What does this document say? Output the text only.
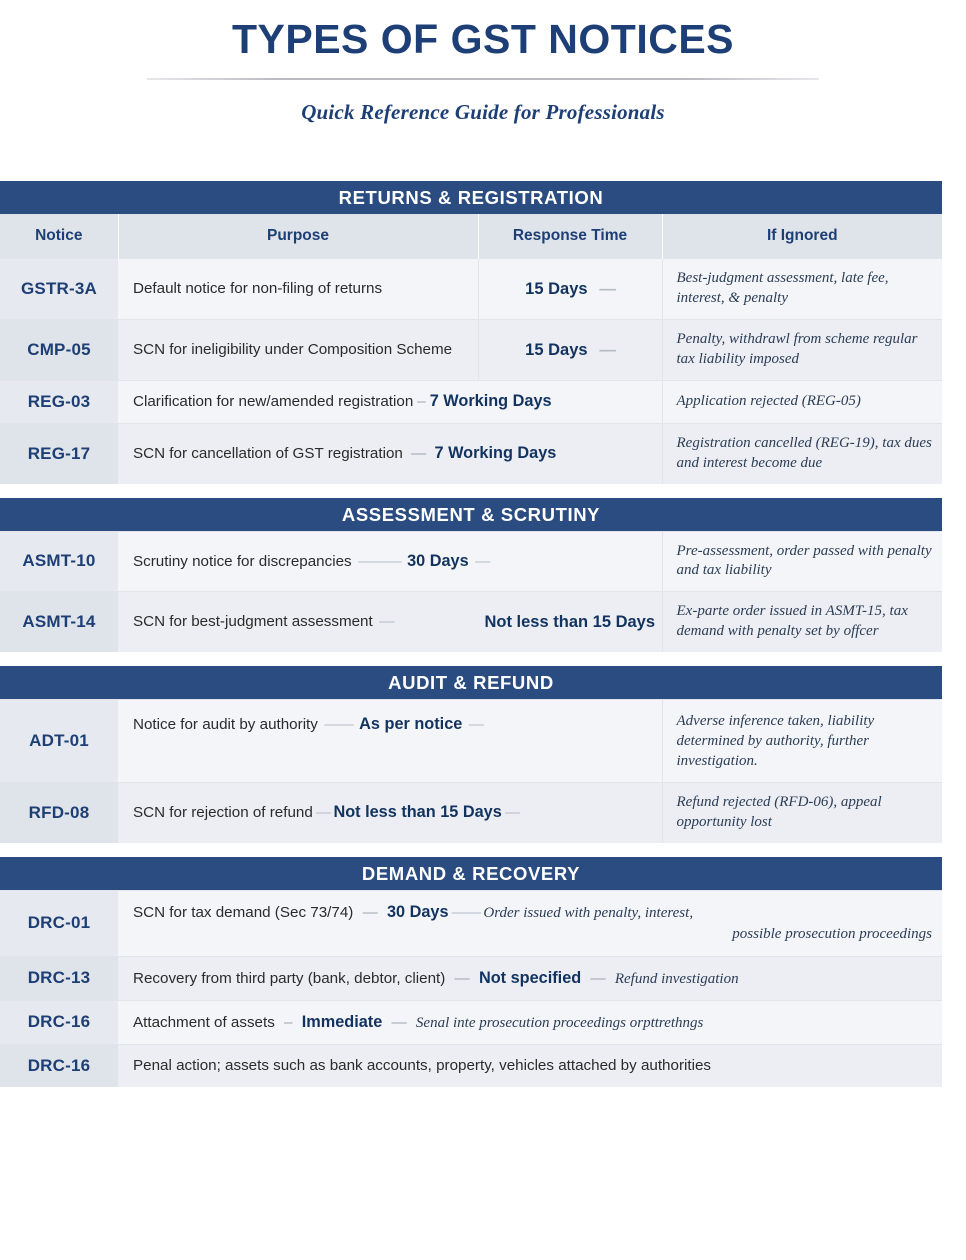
TYPES OF GST NOTICES
Quick Reference Guide for Professionals
RETURNS & REGISTRATION
Notice	Purpose	Response Time	If Ignored
GSTR-3A	Default notice for non-filing of returns	15 Days   —	Best-judgment assessment, late fee, interest, & penalty
CMP-05	SCN for ineligibility under Composition Scheme	15 Days   —	Penalty, withdrawl from scheme regular tax liability imposed
REG-03	Clarification for new/amended registration – 7 Working Days		Application rejected (REG-05)
REG-17	SCN for cancellation of GST registration — 7 Working Days		Registration cancelled (REG-19), tax dues and interest become due
ASSESSMENT & SCRUTINY
ASMT-10	Scrutiny notice for discrepancies  ———  30 Days  —		Pre-assessment, order passed with penalty and tax liability
ASMT-14	SCN for best-judgment assessment  —	Not less than 15 Days	Ex-parte order issued in ASMT-15, tax demand with penalty set by offcer
AUDIT & REFUND
ADT-01	Notice for audit by authority  ——  As per notice  —	Adverse inference taken, liability determined by authority, further investigation.
RFD-08	SCN for rejection of refund — Not less than 15 Days —	Refund rejected (RFD-06), appeal opportunity lost
DEMAND & RECOVERY
DRC-01	SCN for tax demand (Sec 73/74) — 30 Days —— Order issued with penalty, interest,
possible prosecution proceedings

DRC-13	Recovery from third party (bank, debtor, client) — Not specified — Refund investigation
DRC-16	Attachment of assets – Immediate — Senal inte prosecution proceedings orpttrethngs
DRC-16	Penal action; assets such as bank accounts, property, vehicles attached by authorities
